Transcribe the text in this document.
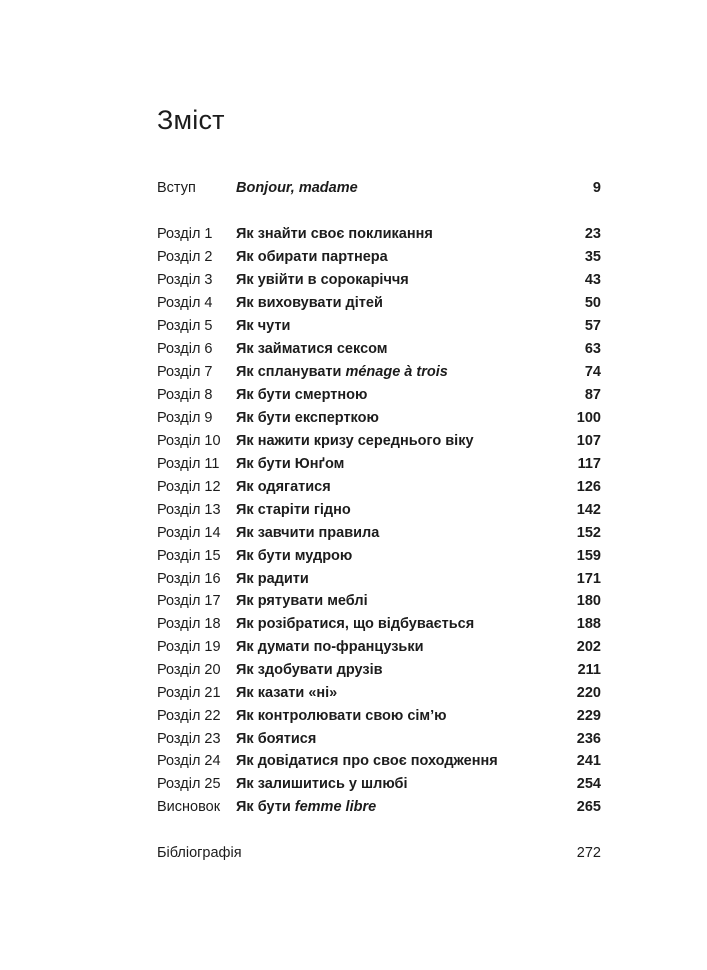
Зміст
Вступ	Bonjour, madame	9
Розділ 1 Як знайти своє покликання	23
Розділ 2 Як обирати партнера	35
Розділ 3 Як увійти в сорокаріччя	43
Розділ 4 Як виховувати дітей	50
Розділ 5 Як чути	57
Розділ 6 Як займатися сексом	63
Розділ 7 Як спланувати ménage à trois	74
Розділ 8 Як бути смертною	87
Розділ 9 Як бути експерткою	100
Розділ 10 Як нажити кризу середнього віку	107
Розділ 11 Як бути Юнґом	117
Розділ 12 Як одягатися	126
Розділ 13 Як старіти гідно	142
Розділ 14 Як завчити правила	152
Розділ 15 Як бути мудрою	159
Розділ 16 Як радити	171
Розділ 17 Як рятувати меблі	180
Розділ 18 Як розібратися, що відбувається	188
Розділ 19 Як думати по-французьки	202
Розділ 20 Як здобувати друзів	211
Розділ 21 Як казати «ні»	220
Розділ 22 Як контролювати свою сім’ю	229
Розділ 23 Як боятися	236
Розділ 24 Як довідатися про своє походження	241
Розділ 25 Як залишитись у шлюбі	254
Висновок Як бути femme libre	265
Бібліографія	272
